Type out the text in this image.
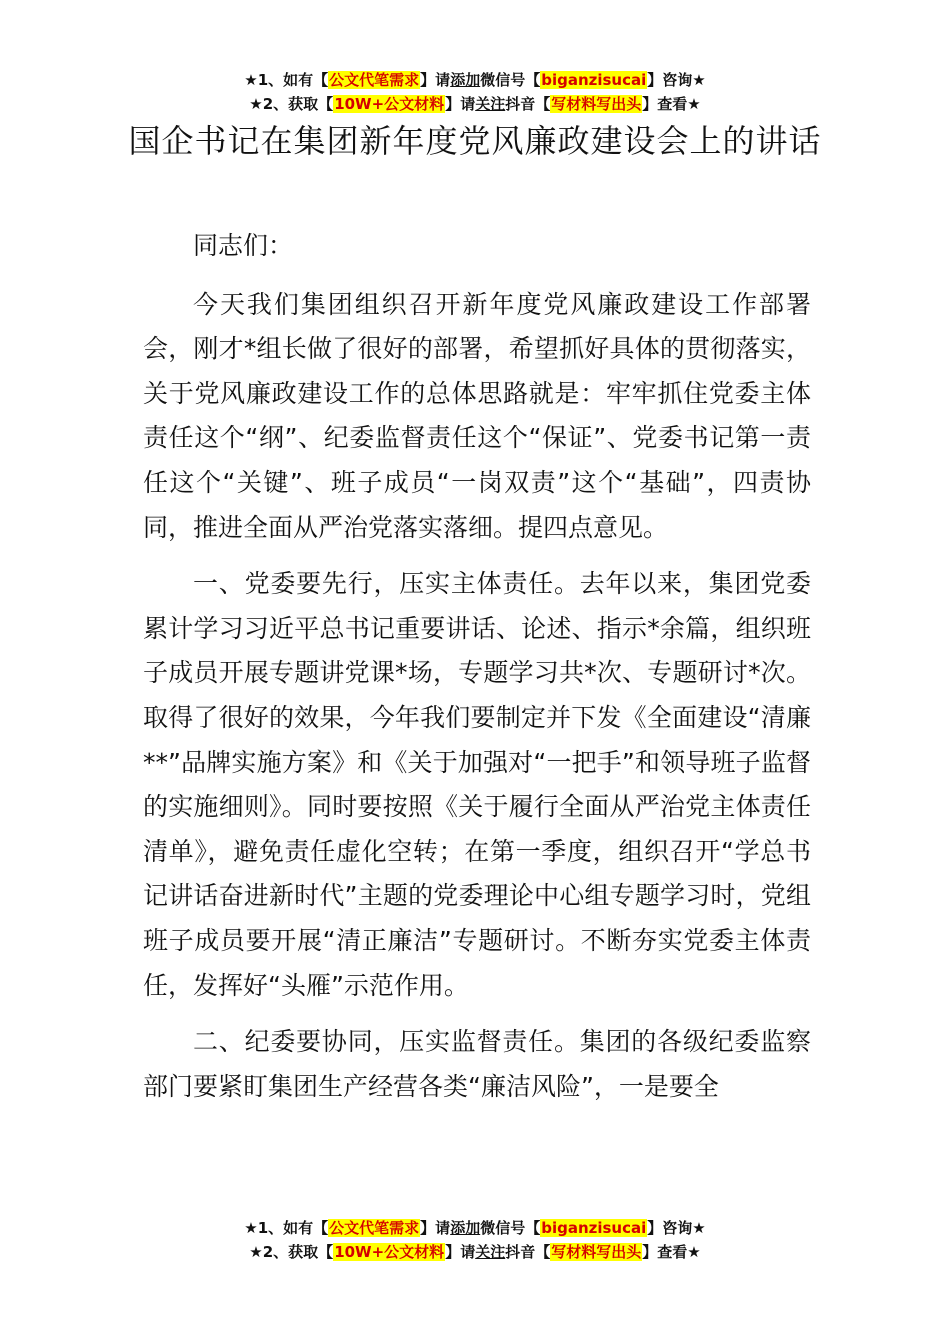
★1、如有【公文代笔需求】请添加微信号【biganzisucai】咨询★
★2、获取【10W+公文材料】请关注抖音【写材料写出头】查看★
国企书记在集团新年度党风廉政建设会上的讲话

同志们：

今天我们集团组织召开新年度党风廉政建设工作部署会，刚才*组长做了很好的部署，希望抓好具体的贯彻落实，关于党风廉政建设工作的总体思路就是：牢牢抓住党委主体责任这个“纲”、纪委监督责任这个“保证”、党委书记第一责任这个“关键”、班子成员“一岗双责”这个“基础”，四责协同，推进全面从严治党落实落细。提四点意见。

一、党委要先行，压实主体责任。去年以来，集团党委累计学习习近平总书记重要讲话、论述、指示*余篇，组织班子成员开展专题讲党课*场，专题学习共*次、专题研讨*次。取得了很好的效果，今年我们要制定并下发《全面建设“清廉**”品牌实施方案》和《关于加强对“一把手”和领导班子监督的实施细则》。同时要按照《关于履行全面从严治党主体责任清单》，避免责任虚化空转；在第一季度，组织召开“学总书记讲话奋进新时代”主题的党委理论中心组专题学习时，党组班子成员要开展“清正廉洁”专题研讨。不断夯实党委主体责任，发挥好“头雁”示范作用。

二、纪委要协同，压实监督责任。集团的各级纪委监察部门要紧盯集团生产经营各类“廉洁风险”，一是要全

★1、如有【公文代笔需求】请添加微信号【biganzisucai】咨询★
★2、获取【10W+公文材料】请关注抖音【写材料写出头】查看★
